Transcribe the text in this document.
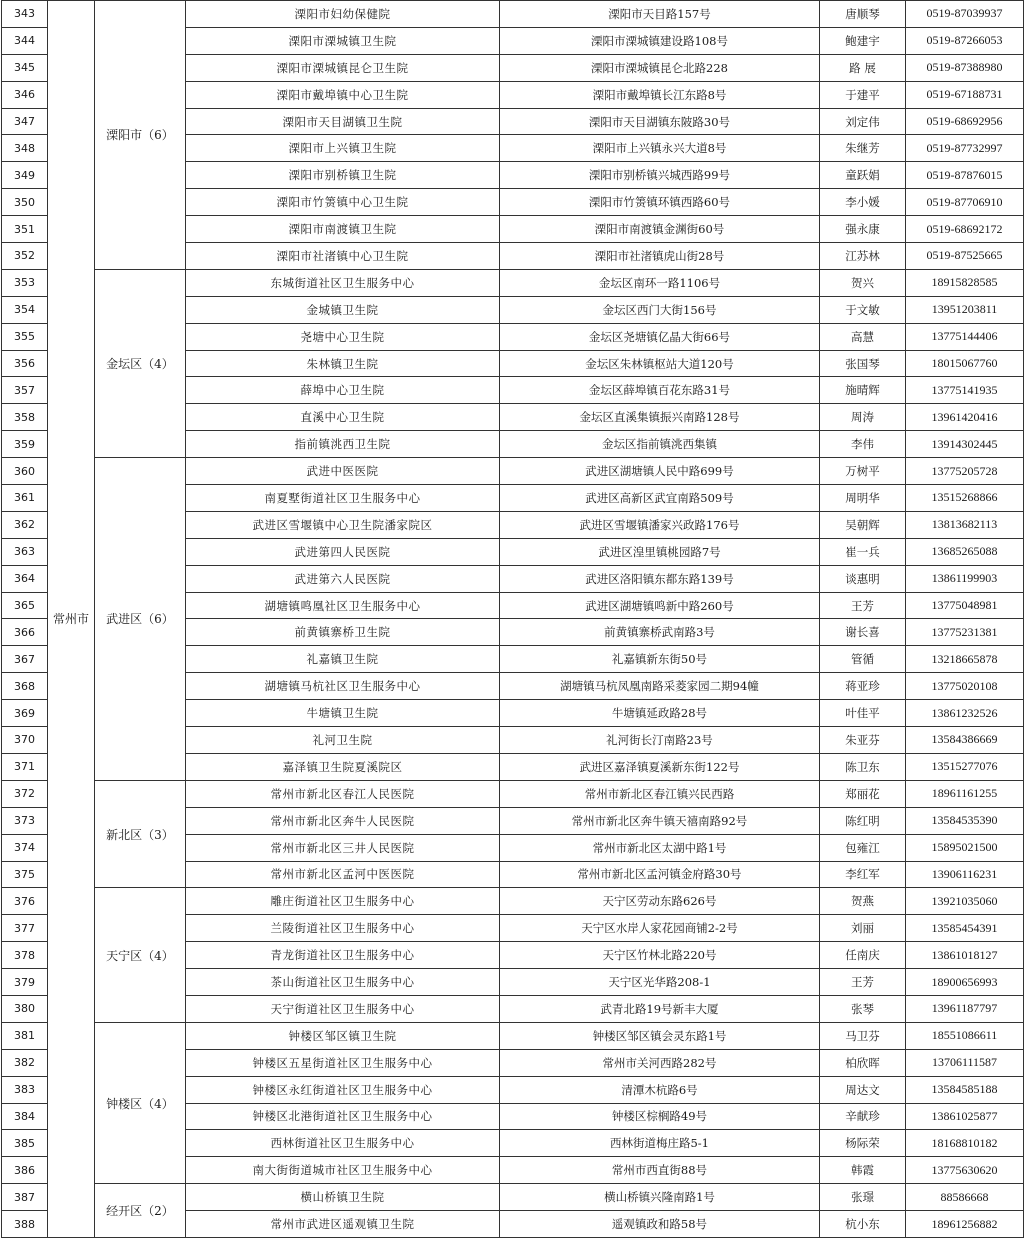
343	常州市	溧阳市（6）	溧阳市妇幼保健院	溧阳市天目路157号	唐顺琴	0519-87039937
344			溧阳市溧城镇卫生院	溧阳市溧城镇建设路108号	鲍建宇	0519-87266053
345			溧阳市溧城镇昆仑卫生院	溧阳市溧城镇昆仑北路228	路 展	0519-87388980
346			溧阳市戴埠镇中心卫生院	溧阳市戴埠镇长江东路8号	于建平	0519-67188731
347			溧阳市天目湖镇卫生院	溧阳市天目湖镇东陂路30号	刘定伟	0519-68692956
348			溧阳市上兴镇卫生院	溧阳市上兴镇永兴大道8号	朱继芳	0519-87732997
349			溧阳市别桥镇卫生院	溧阳市别桥镇兴城西路99号	童跃娟	0519-87876015
350			溧阳市竹箦镇中心卫生院	溧阳市竹箦镇环镇西路60号	李小媛	0519-87706910
351			溧阳市南渡镇卫生院	溧阳市南渡镇金渊街60号	强永康	0519-68692172
352			溧阳市社渚镇中心卫生院	溧阳市社渚镇虎山街28号	江苏林	0519-87525665
353		金坛区（4）	东城街道社区卫生服务中心	金坛区南环一路1106号	贺兴	18915828585
354			金城镇卫生院	金坛区西门大街156号	于文敏	13951203811
355			尧塘中心卫生院	金坛区尧塘镇亿晶大街66号	高慧	13775144406
356			朱林镇卫生院	金坛区朱林镇枢站大道120号	张国琴	18015067760
357			薛埠中心卫生院	金坛区薛埠镇百花东路31号	施晴辉	13775141935
358			直溪中心卫生院	金坛区直溪集镇振兴南路128号	周涛	13961420416
359			指前镇洮西卫生院	金坛区指前镇洮西集镇	李伟	13914302445
360		武进区（6）	武进中医医院	武进区湖塘镇人民中路699号	万树平	13775205728
361			南夏墅街道社区卫生服务中心	武进区高新区武宜南路509号	周明华	13515268866
362			武进区雪堰镇中心卫生院潘家院区	武进区雪堰镇潘家兴政路176号	吴朝辉	13813682113
363			武进第四人民医院	武进区湟里镇桃园路7号	崔一兵	13685265088
364			武进第六人民医院	武进区洛阳镇东都东路139号	谈惠明	13861199903
365			湖塘镇鸣凰社区卫生服务中心	武进区湖塘镇鸣新中路260号	王芳	13775048981
366			前黄镇寨桥卫生院	前黄镇寨桥武南路3号	谢长喜	13775231381
367			礼嘉镇卫生院	礼嘉镇新东街50号	管循	13218665878
368			湖塘镇马杭社区卫生服务中心	湖塘镇马杭凤凰南路采菱家园二期94幢	蒋亚珍	13775020108
369			牛塘镇卫生院	牛塘镇延政路28号	叶佳平	13861232526
370			礼河卫生院	礼河街长汀南路23号	朱亚芬	13584386669
371			嘉泽镇卫生院夏溪院区	武进区嘉泽镇夏溪新东街122号	陈卫东	13515277076
372		新北区（3）	常州市新北区春江人民医院	常州市新北区春江镇兴民西路	郑丽花	18961161255
373			常州市新北区奔牛人民医院	常州市新北区奔牛镇天禧南路92号	陈红明	13584535390
374			常州市新北区三井人民医院	常州市新北区太湖中路1号	包雍江	15895021500
375			常州市新北区孟河中医医院	常州市新北区孟河镇金府路30号	李红军	13906116231
376		天宁区（4）	雕庄街道社区卫生服务中心	天宁区劳动东路626号	贺燕	13921035060
377			兰陵街道社区卫生服务中心	天宁区水岸人家花园商铺2-2号	刘丽	13585454391
378			青龙街道社区卫生服务中心	天宁区竹林北路220号	任南庆	13861018127
379			茶山街道社区卫生服务中心	天宁区光华路208-1	王芳	18900656993
380			天宁街道社区卫生服务中心	武青北路19号新丰大厦	张琴	13961187797
381		钟楼区（4）	钟楼区邹区镇卫生院	钟楼区邹区镇会灵东路1号	马卫芬	18551086611
382			钟楼区五星街道社区卫生服务中心	常州市关河西路282号	柏欣晖	13706111587
383			钟楼区永红街道社区卫生服务中心	清潭木杭路6号	周达文	13584585188
384			钟楼区北港街道社区卫生服务中心	钟楼区棕榈路49号	辛献珍	13861025877
385			西林街道社区卫生服务中心	西林街道梅庄路5-1	杨际荣	18168810182
386			南大街街道城市社区卫生服务中心	常州市西直街88号	韩霞	13775630620
387		经开区（2）	横山桥镇卫生院	横山桥镇兴隆南路1号	张璟	88586668
388			常州市武进区遥观镇卫生院	遥观镇政和路58号	杭小东	18961256882
